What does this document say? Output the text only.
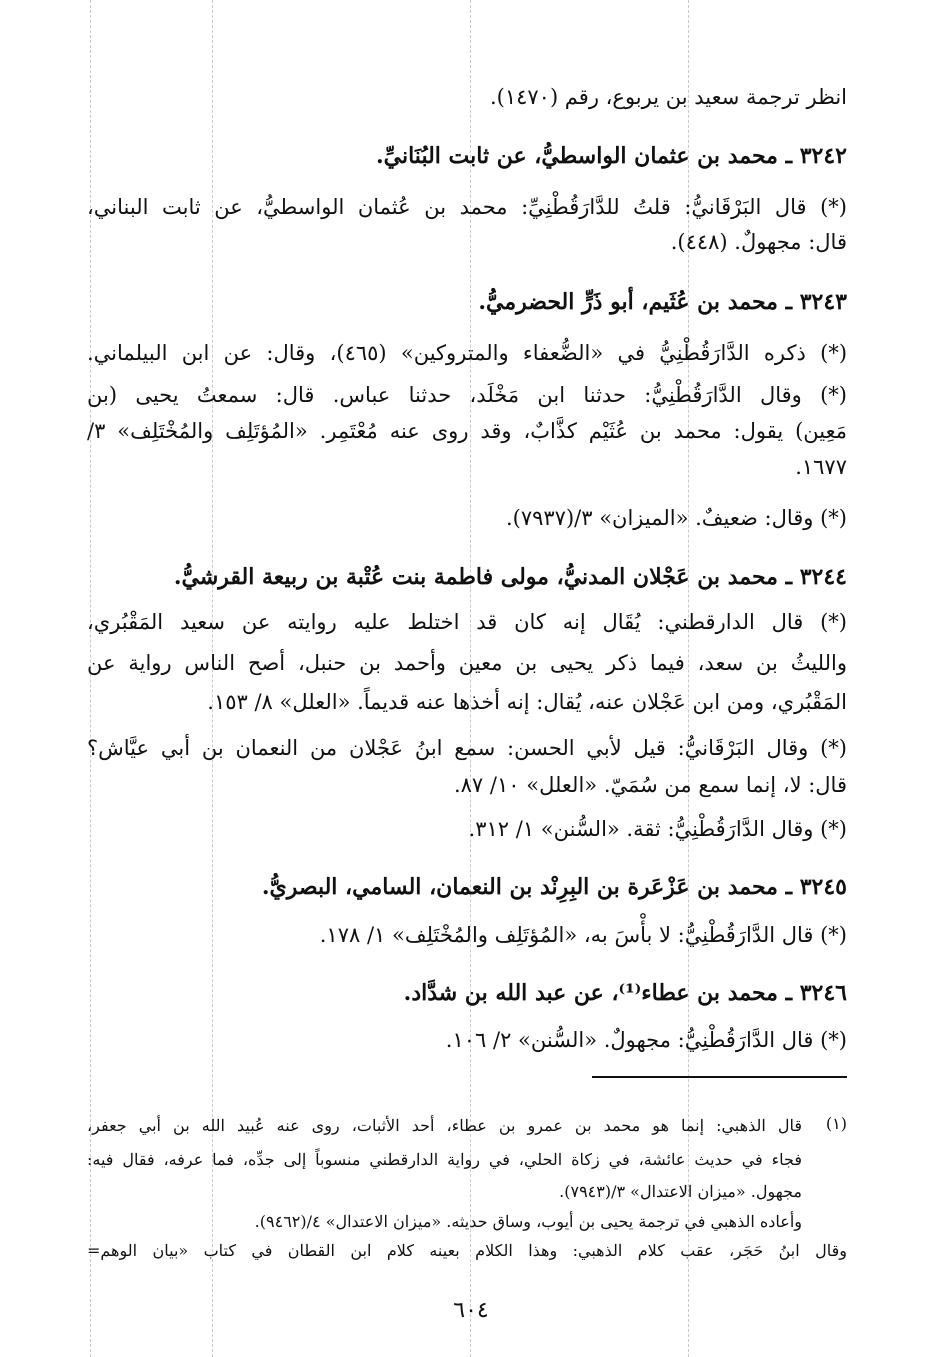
انظر ترجمة سعيد بن يربوع، رقم (١٤٧٠).
٣٢٤٢ ـ محمد بن عثمان الواسطيُّ، عن ثابت البُنَانيِّ.
(*) قال البَرْقَانيُّ: قلتُ للدَّارَقُطْنِيِّ: محمد بن عُثمان الواسطيُّ، عن ثابت البناني،
قال: مجهولٌ. (٤٤٨).
٣٢٤٣ ـ محمد بن عُثَيم، أبو ذَرٍّ الحضرميُّ.
(*) ذكره الدَّارَقُطْنِيُّ في «الضُّعفاء والمتروكين» (٤٦٥)، وقال: عن ابن البيلماني.
(*) وقال الدَّارَقُطْنِيُّ: حدثنا ابن مَخْلَد، حدثنا عباس. قال: سمعتُ يحيى (بن
مَعِين) يقول: محمد بن عُثَيْم كذَّابٌ، وقد روى عنه مُعْتَمِر. «المُؤتَلِف والمُخْتَلِف» ٣/
١٦٧٧.
(*) وقال: ضعيفٌ. «الميزان» ٣/(٧٩٣٧).
٣٢٤٤ ـ محمد بن عَجْلان المدنيُّ، مولى فاطمة بنت عُتْبة بن ربيعة القرشيُّ.
(*) قال الدارقطني: يُقَال إنه كان قد اختلط عليه روايته عن سعيد المَقْبُري،
والليثُ بن سعد، فيما ذكر يحيى بن معين وأحمد بن حنبل، أصح الناس رواية عن
المَقْبُري، ومن ابن عَجْلان عنه، يُقال: إنه أخذها عنه قديماً. «العلل» ٨/ ١٥٣.
(*) وقال البَرْقَانيُّ: قيل لأبي الحسن: سمع ابنُ عَجْلان من النعمان بن أبي عيَّاش؟
قال: لا، إنما سمع من سُمَيّ. «العلل» ١٠/ ٨٧.
(*) وقال الدَّارَقُطْنِيُّ: ثقة. «السُّنن» ١/ ٣١٢.
٣٢٤٥ ـ محمد بن عَزْعَرة بن البِرِنْد بن النعمان، السامي، البصريُّ.
(*) قال الدَّارَقُطْنِيُّ: لا بأْسَ به، «المُؤتَلِف والمُخْتَلِف» ١/ ١٧٨.
٣٢٤٦ ـ محمد بن عطاء⁽¹⁾، عن عبد الله بن شدَّاد.
(*) قال الدَّارَقُطْنِيُّ: مجهولٌ. «السُّنن» ٢/ ١٠٦.
(١)
قال الذهبي: إنما هو محمد بن عمرو بن عطاء، أحد الأثبات، روى عنه عُبيد الله بن أبي جعفر،
فجاء في حديث عائشة، في زكاة الحلي، في رواية الدارقطني منسوباً إلى جدِّه، فما عرفه، فقال فيه:
مجهول. «ميزان الاعتدال» ٣/(٧٩٤٣).
وأعاده الذهبي في ترجمة يحيى بن أيوب، وساق حديثه. «ميزان الاعتدال» ٤/(٩٤٦٢).
وقال ابنُ حَجَر، عقب كلام الذهبي: وهذا الكلام بعينه كلام ابن القطان في كتاب «بيان الوهم=
٦٠٤
